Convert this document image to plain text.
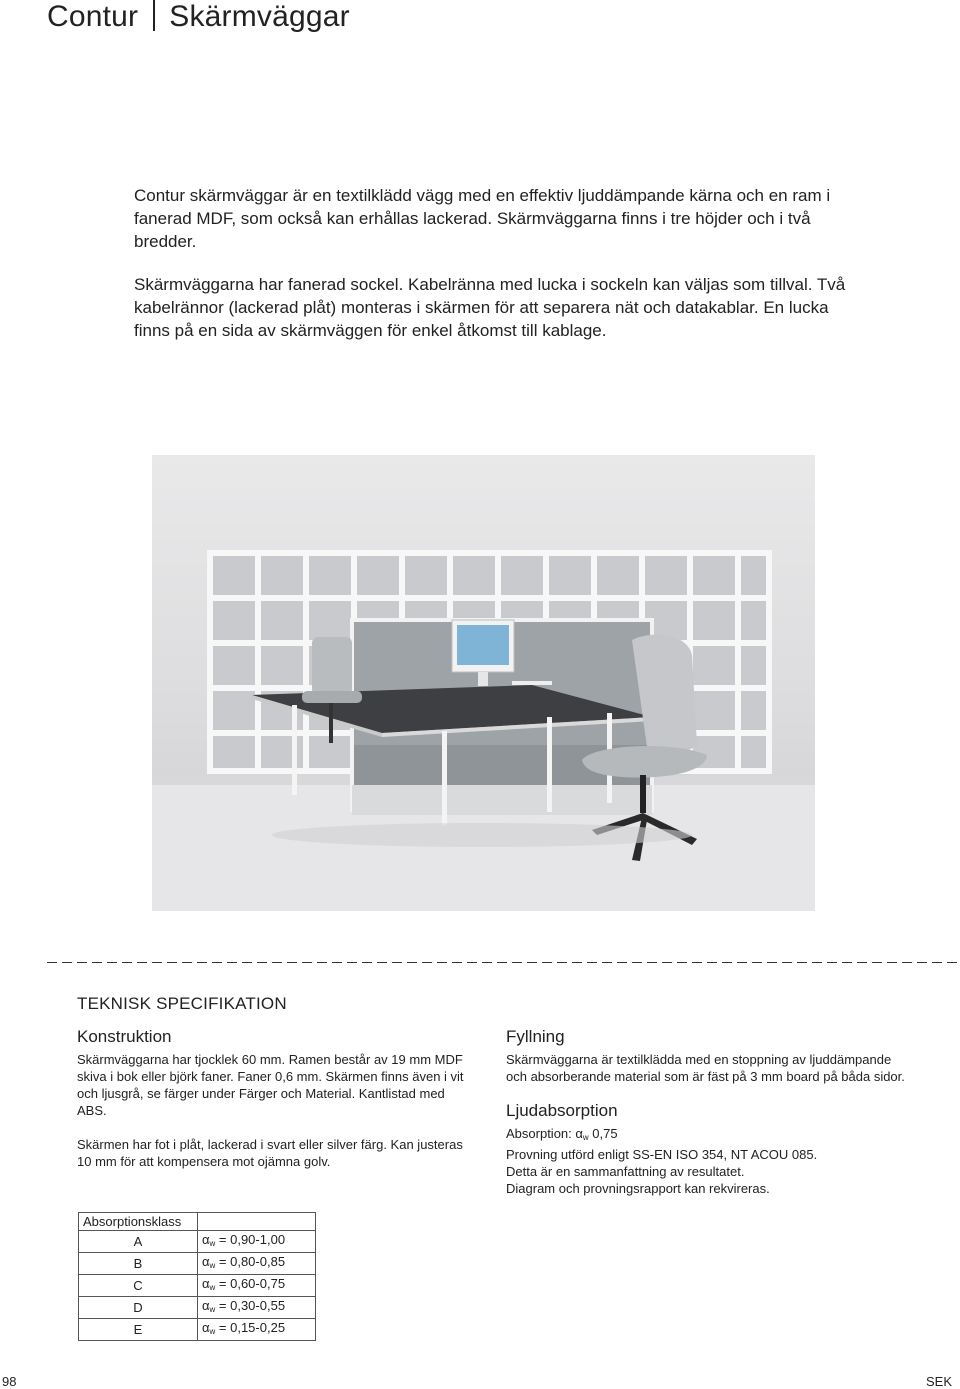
Contur Skärmväggar

Contur skärmväggar är en textilklädd vägg med en effektiv ljuddämpande kärna och en ram i fanerad MDF, som också kan erhållas lackerad. Skärmväggarna finns i tre höjder och i två bredder.

Skärmväggarna har fanerad sockel. Kabelränna med lucka i sockeln kan väljas som tillval. Två kabelrännor (lackerad plåt) monteras i skärmen för att separera nät och datakablar. En lucka finns på en sida av skärmväggen för enkel åtkomst till kablage.

TEKNISK SPECIFIKATION
Konstruktion

Skärmväggarna har tjocklek 60 mm. Ramen består av 19 mm MDF skiva i bok eller björk faner. Faner 0,6 mm. Skärmen finns även i vit och ljusgrå, se färger under Färger och Material. Kantlistad med ABS.

Skärmen har fot i plåt, lackerad i svart eller silver färg. Kan justeras 10 mm för att kompensera mot ojämna golv.

Fyllning

Skärmväggarna är textilklädda med en stoppning av ljuddämpande och absorberande material som är fäst på 3 mm board på båda sidor.

Ljudabsorption

Absorption: $\alpha_w$ 0,75

Provning utförd enligt SS-EN ISO 354, NT ACOU 085.

Detta är en sammanfattning av resultatet.

Diagram och provningsrapport kan rekvireras.

Absorptionsklass	
A	$\alpha_w = 0,90-1,00$
B	$\alpha_w = 0,80-0,85$
C	$\alpha_w = 0,60-0,75$
D	$\alpha_w = 0,30-0,55$
E	$\alpha_w = 0,15-0,25$
98	SEK
